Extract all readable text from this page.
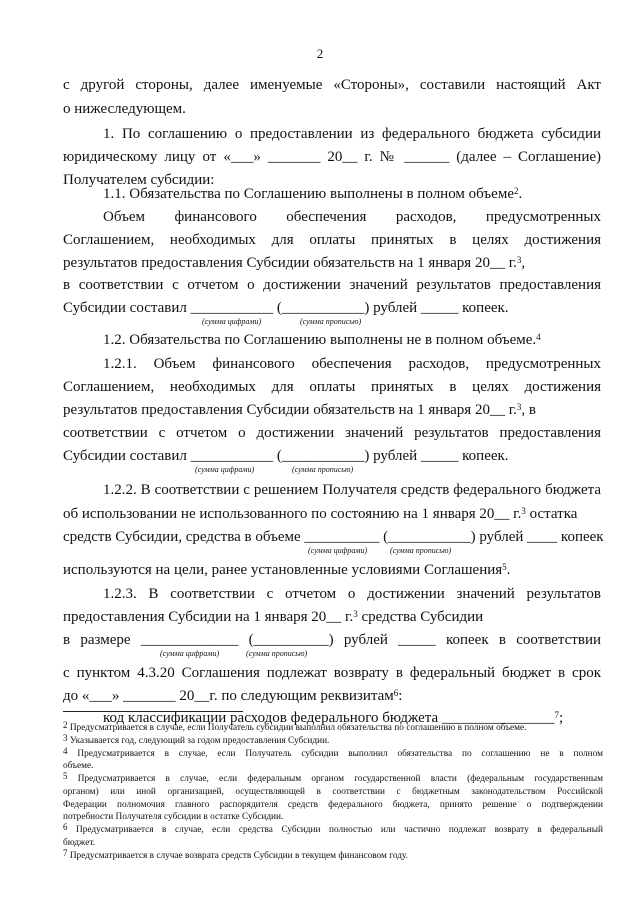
2
с другой стороны, далее именуемые «Стороны», составили настоящий Акт
о нижеследующем.
1. По соглашению о предоставлении из федерального бюджета субсидии
юридическому лицу от «___» _______ 20__ г. № ______ (далее – Соглашение)
Получателем субсидии:
1.1. Обязательства по Соглашению выполнены в полном объеме$^2$.
Объем финансового обеспечения расходов, предусмотренных
Соглашением, необходимых для оплаты принятых в целях достижения
результатов предоставления Субсидии обязательств на 1 января 20__ г.$^3$,
в соответствии с отчетом о достижении значений результатов предоставления
Субсидии составил ___________ (___________) рублей _____ копеек.
(сумма цифрами)	(сумма прописью)
1.2. Обязательства по Соглашению выполнены не в полном объеме.$^4$
1.2.1. Объем финансового обеспечения расходов, предусмотренных
Соглашением, необходимых для оплаты принятых в целях достижения
результатов предоставления Субсидии обязательств на 1 января 20__ г.$^3$, в
соответствии с отчетом о достижении значений результатов предоставления
Субсидии составил ___________ (___________) рублей _____ копеек.
(сумма цифрами)	(сумма прописью)
1.2.2. В соответствии с решением Получателя средств федерального бюджета
об использовании не использованного по состоянию на 1 января 20__ г.$^3$ остатка
средств Субсидии, средства в объеме __________ (___________) рублей ____ копеек
(сумма цифрами)	(сумма прописью)
используются на цели, ранее установленные условиями Соглашения$^5$.
1.2.3. В соответствии с отчетом о достижении значений результатов
предоставления Субсидии на 1 января 20__ г.$^3$ средства Субсидии
в размере _____________ (__________) рублей _____ копеек в соответствии
(сумма цифрами)	(сумма прописью)
с пунктом 4.3.20 Соглашения подлежат возврату в федеральный бюджет в срок
до «___» _______ 20__г. по следующим реквизитам$^6$:
код классификации расходов федерального бюджета _______________$^7$;
$^2$ Предусматривается в случае, если Получатель субсидии выполнил обязательства по соглашению в полном объеме.
$^3$ Указывается год, следующий за годом предоставления Субсидии.
$^4$ Предусматривается в случае, если Получатель субсидии выполнил обязательства по соглашению не в полном
объеме.
$^5$ Предусматривается в случае, если федеральным органом государственной власти (федеральным государственным
органом) или иной организацией, осуществляющей в соответствии с бюджетным законодательством Российской
Федерации полномочия главного распорядителя средств федерального бюджета, принято решение о подтверждении
потребности Получателя субсидии в остатке Субсидии.
$^6$ Предусматривается в случае, если средства Субсидии полностью или частично подлежат возврату в федеральный
бюджет.
$^7$ Предусматривается в случае возврата средств Субсидии в текущем финансовом году.
